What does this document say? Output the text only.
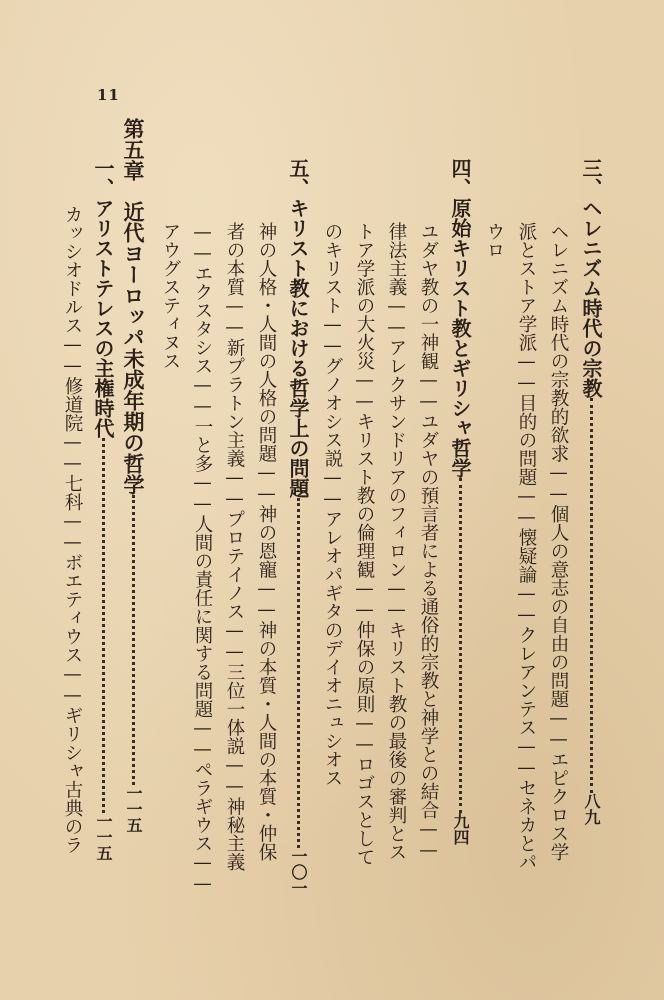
11
三、ヘレニズム時代の宗教八九
ヘレニズム時代の宗教的欲求——個人の意志の自由の問題——エピクロス学
派とストア学派——目的の問題——懐疑論——クレアンテス——セネカとパ
ウロ
四、原始キリスト教とギリシャ哲学九四
ユダヤ教の一神観——ユダヤの預言者による通俗的宗教と神学との結合——
律法主義——アレクサンドリアのフィロン——キリスト教の最後の審判とス
トア学派の大火災——キリスト教の倫理観——仲保の原則——ロゴスとして
のキリスト——グノオシス説——アレオパギタのデイオニュシオス
五、キリスト教における哲学上の問題一〇一
神の人格・人間の人格の問題——神の恩寵——神の本質・人間の本質・仲保
者の本質——新プラトン主義——プロテイノス——三位一体説——神秘主義
——エクスタシス——一と多——人間の責任に関する問題——ペラギウス——
アウグスティヌス
第五章近代ヨーロッパ未成年期の哲学一一五
一、アリストテレスの主権時代一一五
カッシオドルス——修道院——七科——ボエティウス——ギリシャ古典のラ
